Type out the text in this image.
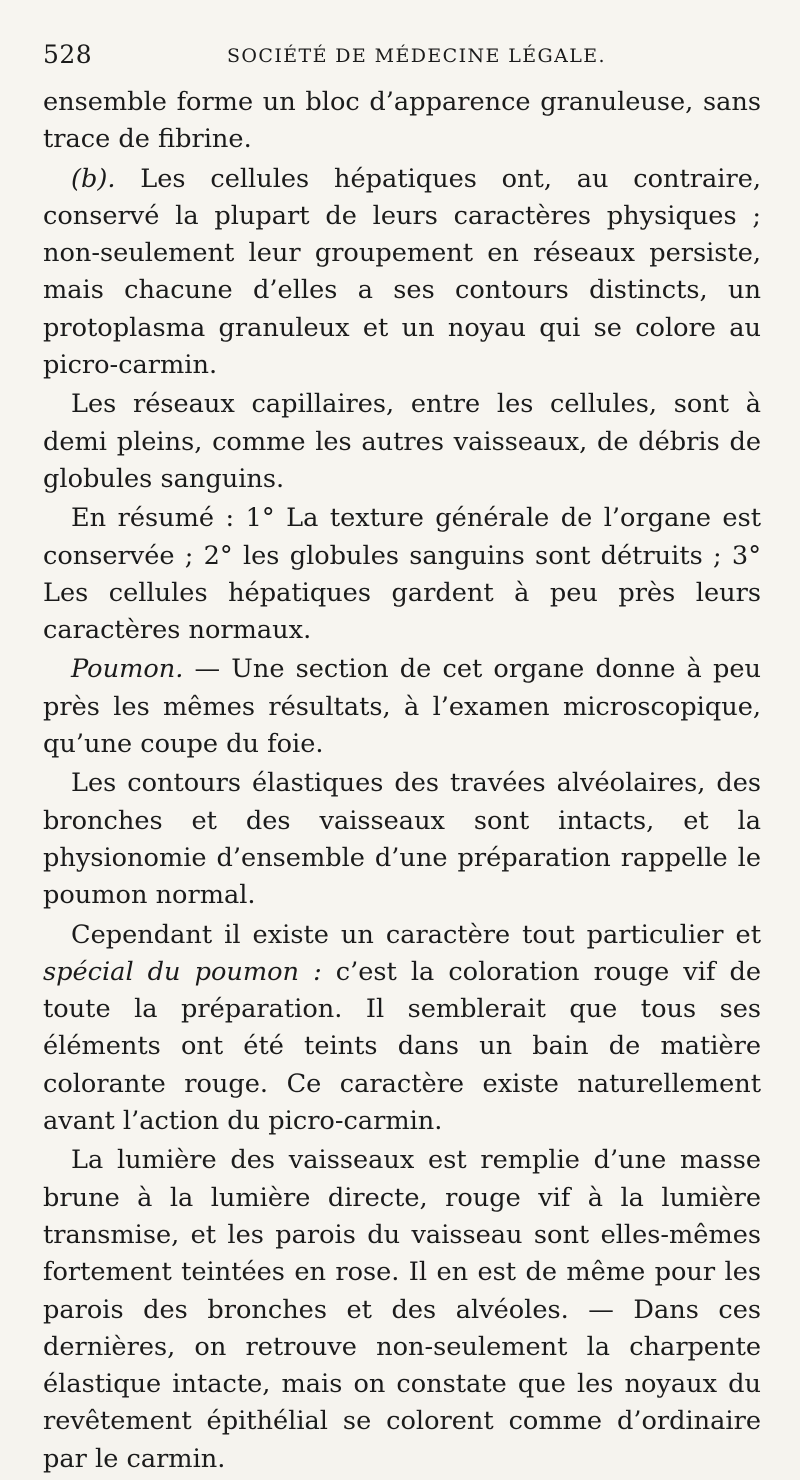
528	SOCIÉTÉ DE MÉDECINE LÉGALE.

ensemble forme un bloc d’apparence granuleuse, sans trace de fibrine.

(b). Les cellules hépatiques ont, au contraire, conservé la plupart de leurs caractères physiques ; non-seulement leur groupement en réseaux persiste, mais chacune d’elles a ses contours distincts, un protoplasma granuleux et un noyau qui se colore au picro-carmin.

Les réseaux capillaires, entre les cellules, sont à demi pleins, comme les autres vaisseaux, de débris de globules sanguins.

En résumé : 1° La texture générale de l’organe est conservée ; 2° les globules sanguins sont détruits ; 3° Les cellules hépatiques gardent à peu près leurs caractères normaux.

Poumon. — Une section de cet organe donne à peu près les mêmes résultats, à l’examen microscopique, qu’une coupe du foie.

Les contours élastiques des travées alvéolaires, des bronches et des vaisseaux sont intacts, et la physionomie d’ensemble d’une préparation rappelle le poumon normal.

Cependant il existe un caractère tout particulier et spécial du poumon : c’est la coloration rouge vif de toute la préparation. Il semblerait que tous ses éléments ont été teints dans un bain de matière colorante rouge. Ce caractère existe naturellement avant l’action du picro-carmin.

La lumière des vaisseaux est remplie d’une masse brune à la lumière directe, rouge vif à la lumière transmise, et les parois du vaisseau sont elles-mêmes fortement teintées en rose. Il en est de même pour les parois des bronches et des alvéoles. — Dans ces dernières, on retrouve non-seulement la charpente élastique intacte, mais on constate que les noyaux du revêtement épithélial se colorent comme d’ordinaire par le carmin.
